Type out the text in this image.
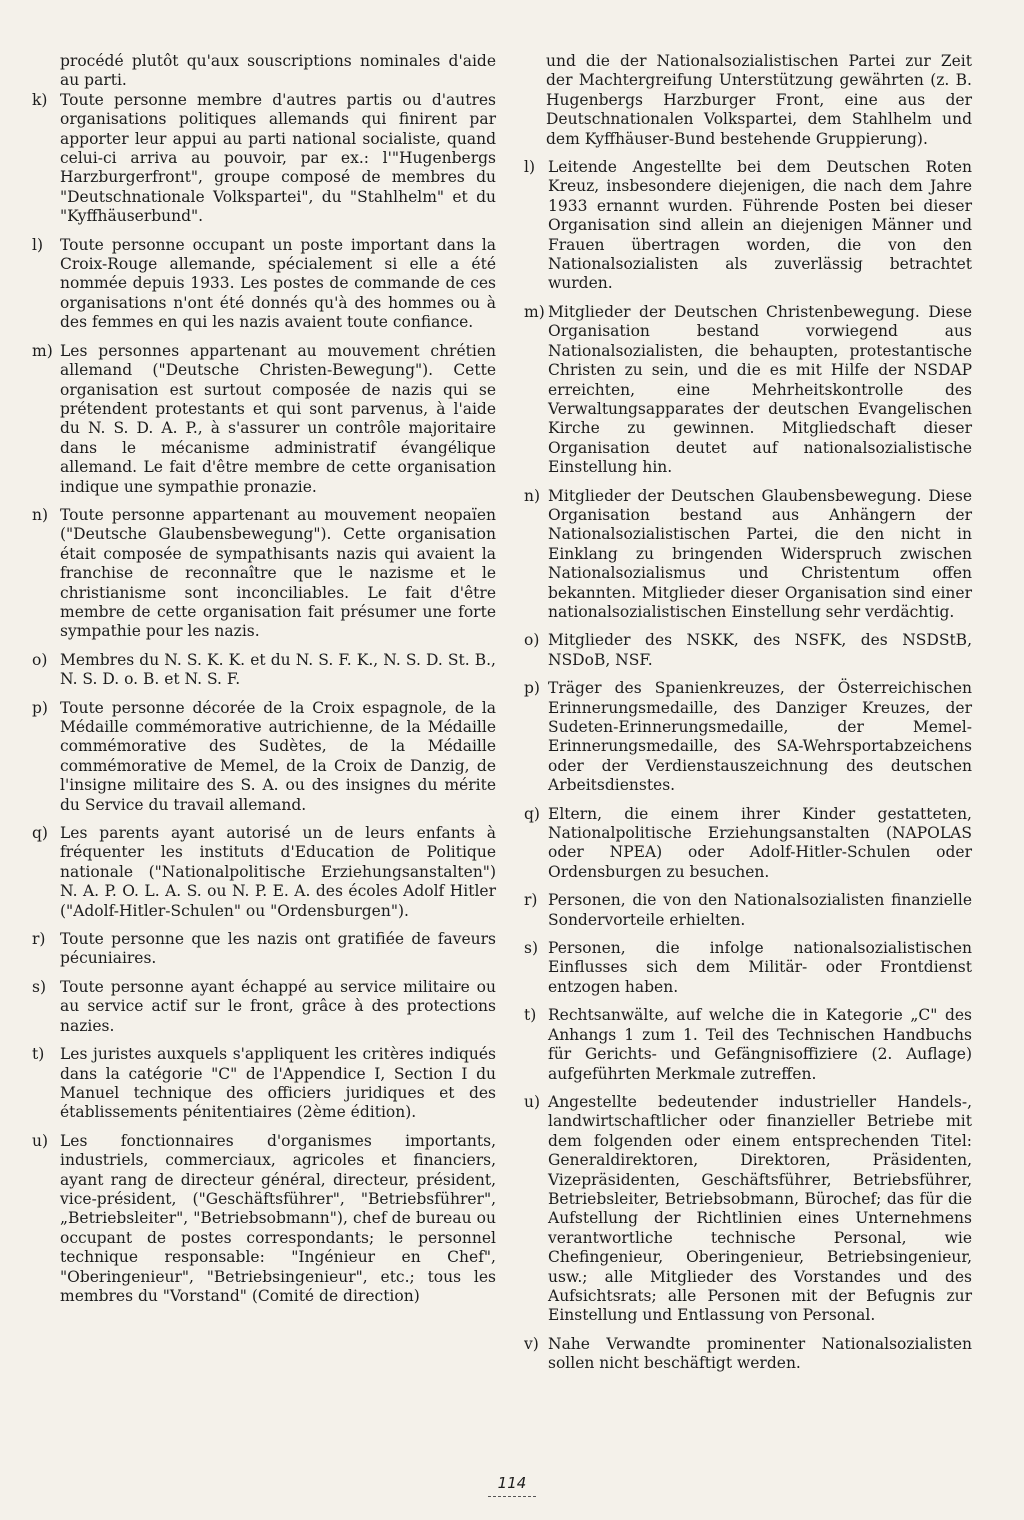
procédé plutôt qu'aux souscriptions nominales d'aide au parti.

k) Toute personne membre d'autres partis ou d'autres organisations politiques allemands qui finirent par apporter leur appui au parti national socialiste, quand celui-ci arriva au pouvoir, par ex.: l'"Hugenbergs Harzburgerfront", groupe composé de membres du "Deutschnationale Volkspartei", du "Stahlhelm" et du "Kyffhäuserbund".

l) Toute personne occupant un poste important dans la Croix-Rouge allemande, spécialement si elle a été nommée depuis 1933. Les postes de commande de ces organisations n'ont été donnés qu'à des hommes ou à des femmes en qui les nazis avaient toute confiance.

m) Les personnes appartenant au mouvement chrétien allemand ("Deutsche Christen-Bewegung"). Cette organisation est surtout composée de nazis qui se prétendent protestants et qui sont parvenus, à l'aide du N. S. D. A. P., à s'assurer un contrôle majoritaire dans le mécanisme administratif évangélique allemand. Le fait d'être membre de cette organisation indique une sympathie pronazie.

n) Toute personne appartenant au mouvement neopaïen ("Deutsche Glaubensbewegung"). Cette organisation était composée de sympathisants nazis qui avaient la franchise de reconnaître que le nazisme et le christianisme sont inconciliables. Le fait d'être membre de cette organisation fait présumer une forte sympathie pour les nazis.

o) Membres du N. S. K. K. et du N. S. F. K., N. S. D. St. B., N. S. D. o. B. et N. S. F.

p) Toute personne décorée de la Croix espagnole, de la Médaille commémorative autrichienne, de la Médaille commémorative des Sudètes, de la Médaille commémorative de Memel, de la Croix de Danzig, de l'insigne militaire des S. A. ou des insignes du mérite du Service du travail allemand.

q) Les parents ayant autorisé un de leurs enfants à fréquenter les instituts d'Education de Politique nationale ("Nationalpolitische Erziehungsanstalten") N. A. P. O. L. A. S. ou N. P. E. A. des écoles Adolf Hitler ("Adolf-Hitler-Schulen" ou "Ordensburgen").

r) Toute personne que les nazis ont gratifiée de faveurs pécuniaires.

s) Toute personne ayant échappé au service militaire ou au service actif sur le front, grâce à des protections nazies.

t) Les juristes auxquels s'appliquent les critères indiqués dans la catégorie "C" de l'Appendice I, Section I du Manuel technique des officiers juridiques et des établissements pénitentiaires (2ème édition).

u) Les fonctionnaires d'organismes importants, industriels, commerciaux, agricoles et financiers, ayant rang de directeur général, directeur, président, vice-président, ("Geschäftsführer", "Betriebsführer", „Betriebsleiter", "Betriebsobmann"), chef de bureau ou occupant de postes correspondants; le personnel technique responsable: "Ingénieur en Chef", "Oberingenieur", "Betriebsingenieur", etc.; tous les membres du "Vorstand" (Comité de direction)

und die der Nationalsozialistischen Partei zur Zeit der Machtergreifung Unterstützung gewährten (z. B. Hugenbergs Harzburger Front, eine aus der Deutschnationalen Volkspartei, dem Stahlhelm und dem Kyffhäuser-Bund bestehende Gruppierung).

l) Leitende Angestellte bei dem Deutschen Roten Kreuz, insbesondere diejenigen, die nach dem Jahre 1933 ernannt wurden. Führende Posten bei dieser Organisation sind allein an diejenigen Männer und Frauen übertragen worden, die von den Nationalsozialisten als zuverlässig betrachtet wurden.

m) Mitglieder der Deutschen Christenbewegung. Diese Organisation bestand vorwiegend aus Nationalsozialisten, die behaupten, protestantische Christen zu sein, und die es mit Hilfe der NSDAP erreichten, eine Mehrheitskontrolle des Verwaltungsapparates der deutschen Evangelischen Kirche zu gewinnen. Mitgliedschaft dieser Organisation deutet auf nationalsozialistische Einstellung hin.

n) Mitglieder der Deutschen Glaubensbewegung. Diese Organisation bestand aus Anhängern der Nationalsozialistischen Partei, die den nicht in Einklang zu bringenden Widerspruch zwischen Nationalsozialismus und Christentum offen bekannten. Mitglieder dieser Organisation sind einer nationalsozialistischen Einstellung sehr verdächtig.

o) Mitglieder des NSKK, des NSFK, des NSDStB, NSDoB, NSF.

p) Träger des Spanienkreuzes, der Österreichischen Erinnerungsmedaille, des Danziger Kreuzes, der Sudeten-Erinnerungsmedaille, der Memel-Erinnerungsmedaille, des SA-Wehrsportabzeichens oder der Verdienstauszeichnung des deutschen Arbeitsdienstes.

q) Eltern, die einem ihrer Kinder gestatteten, Nationalpolitische Erziehungsanstalten (NAPOLAS oder NPEA) oder Adolf-Hitler-Schulen oder Ordensburgen zu besuchen.

r) Personen, die von den Nationalsozialisten finanzielle Sondervorteile erhielten.

s) Personen, die infolge nationalsozialistischen Einflusses sich dem Militär- oder Frontdienst entzogen haben.

t) Rechtsanwälte, auf welche die in Kategorie „C" des Anhangs 1 zum 1. Teil des Technischen Handbuchs für Gerichts- und Gefängnisoffiziere (2. Auflage) aufgeführten Merkmale zutreffen.

u) Angestellte bedeutender industrieller Handels-, landwirtschaftlicher oder finanzieller Betriebe mit dem folgenden oder einem entsprechenden Titel: Generaldirektoren, Direktoren, Präsidenten, Vizepräsidenten, Geschäftsführer, Betriebsführer, Betriebsleiter, Betriebsobmann, Bürochef; das für die Aufstellung der Richtlinien eines Unternehmens verantwortliche technische Personal, wie Chefingenieur, Oberingenieur, Betriebsingenieur, usw.; alle Mitglieder des Vorstandes und des Aufsichtsrats; alle Personen mit der Befugnis zur Einstellung und Entlassung von Personal.

v) Nahe Verwandte prominenter Nationalsozialisten sollen nicht beschäftigt werden.

114
